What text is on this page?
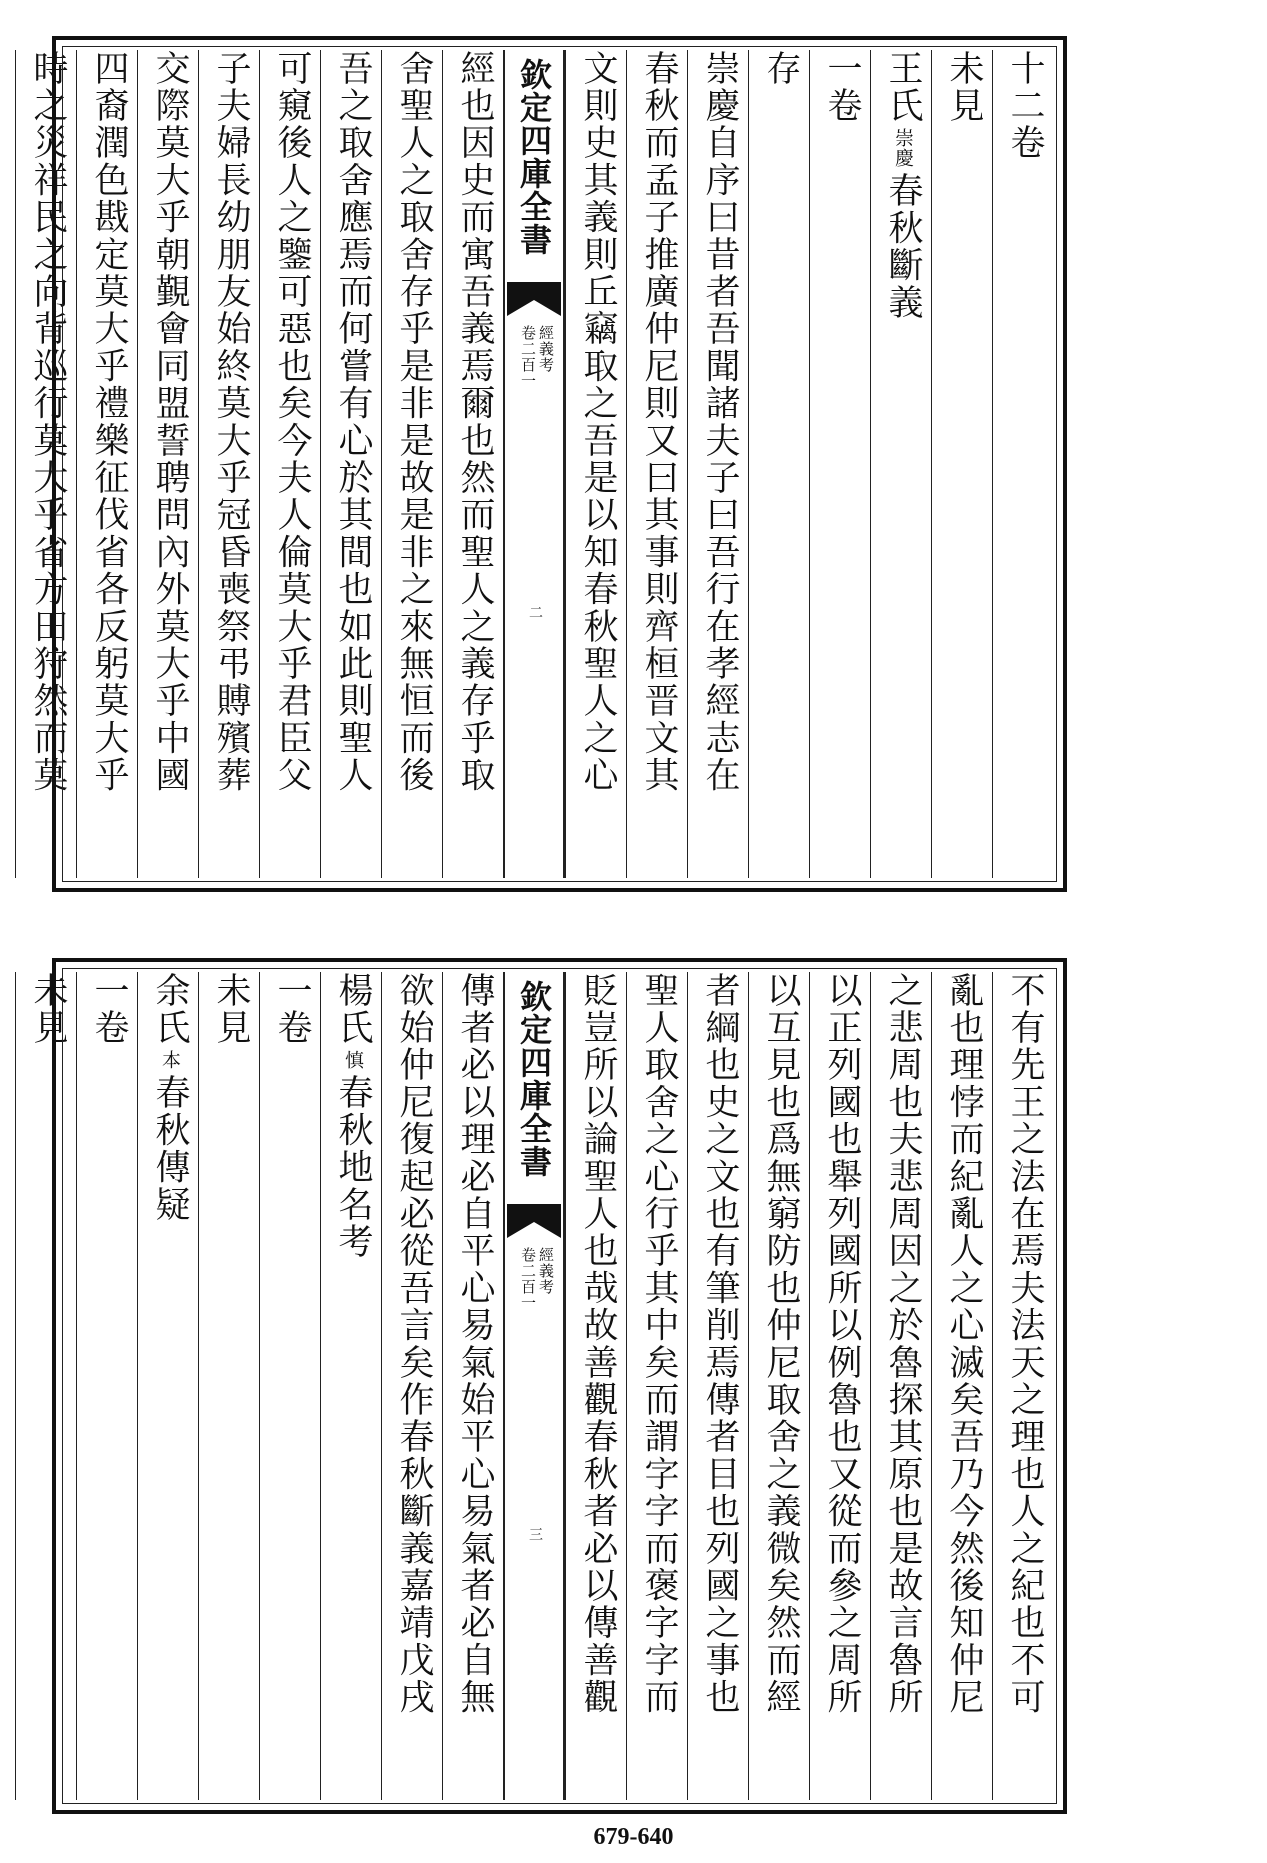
十二卷
未見
王氏崇慶春秋斷義
一卷
存
崇慶自序曰昔者吾聞諸夫子曰吾行在孝經志在
春秋而孟子推廣仲尼則又曰其事則齊桓晋文其
文則史其義則丘竊取之吾是以知春秋聖人之心
欽定四庫全書
經義考
卷二百一
二
經也因史而寓吾義焉爾也然而聖人之義存乎取
舍聖人之取舍存乎是非是故是非之來無恒而後
吾之取舍應焉而何嘗有心於其間也如此則聖人
可窺後人之鑒可惡也矣今夫人倫莫大乎君臣父
子夫婦長幼朋友始終莫大乎冠昏喪祭弔賻殯葬
交際莫大乎朝覲會同盟誓聘問內外莫大乎中國
四裔潤色戡定莫大乎禮樂征伐省各反躬莫大乎
時之災祥民之向背巡行莫大乎省方田狩然而莫
不有先王之法在焉夫法天之理也人之紀也不可
亂也理悖而紀亂人之心滅矣吾乃今然後知仲尼
之悲周也夫悲周因之於魯探其原也是故言魯所
以正列國也舉列國所以例魯也又從而參之周所
以互見也爲無窮防也仲尼取舍之義微矣然而經
者綱也史之文也有筆削焉傳者目也列國之事也
聖人取舍之心行乎其中矣而謂字字而褒字字而
貶豈所以論聖人也哉故善觀春秋者必以傳善觀
欽定四庫全書
經義考
卷二百一
三
傳者必以理必自平心易氣始平心易氣者必自無
欲始仲尼復起必從吾言矣作春秋斷義嘉靖戊戌
楊氏慎春秋地名考
一卷
未見
余氏本春秋傳疑
一卷
未見
679-640
